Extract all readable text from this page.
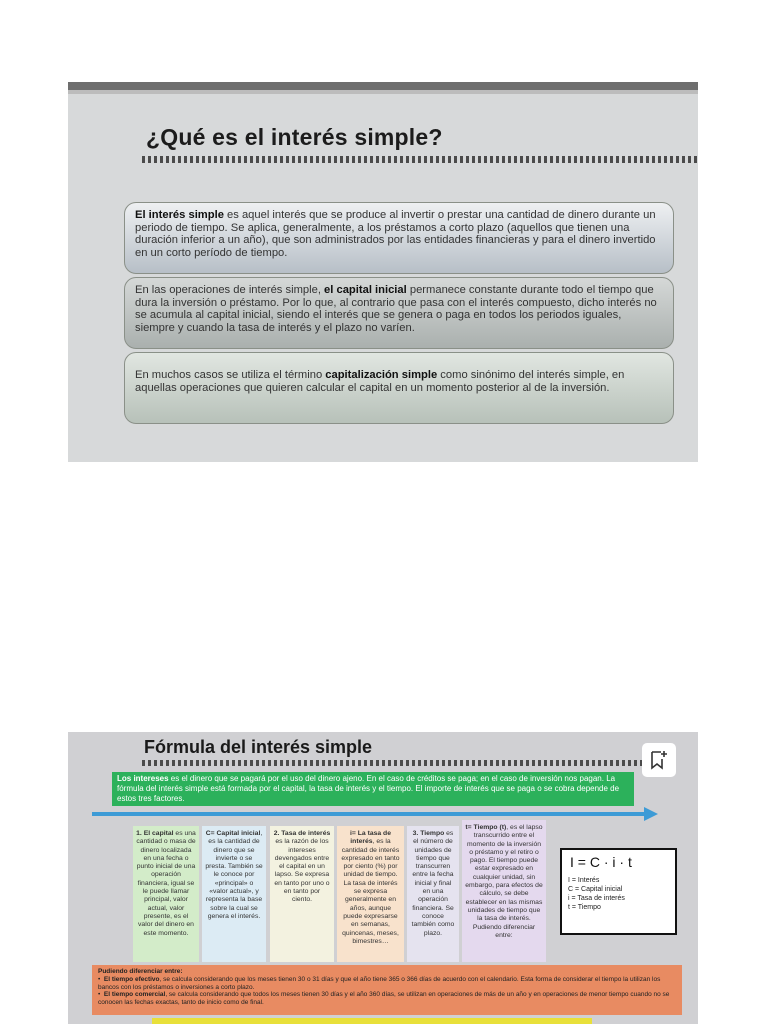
¿Qué es el interés simple?
El interés simple es aquel interés que se produce al invertir o prestar una cantidad de dinero durante un periodo de tiempo. Se aplica, generalmente, a los préstamos a corto plazo (aquellos que tienen una duración inferior a un año), que son administrados por las entidades financieras y para el dinero invertido en un corto período de tiempo.
En las operaciones de interés simple, el capital inicial permanece constante durante todo el tiempo que dura la inversión o préstamo. Por lo que, al contrario que pasa con el interés compuesto, dicho interés no se acumula al capital inicial, siendo el interés que se genera o paga en todos los periodos iguales, siempre y cuando la tasa de interés y el plazo no varíen.
En muchos casos se utiliza el término capitalización simple como sinónimo del interés simple, en aquellas operaciones que quieren calcular el capital en un momento posterior al de la inversión.
Fórmula del interés simple
Los intereses es el dinero que se pagará por el uso del dinero ajeno. En el caso de créditos se paga; en el caso de inversión nos pagan. La fórmula del interés simple está formada por el capital, la tasa de interés y el tiempo. El importe de interés que se paga o se cobra depende de estos tres factores.
1. El capital es una cantidad o masa de dinero localizada en una fecha o punto inicial de una operación financiera, igual se le puede llamar principal, valor actual, valor presente, es el valor del dinero en este momento.
C= Capital inicial, es la cantidad de dinero que se invierte o se presta. También se le conoce por «principal» o «valor actual», y representa la base sobre la cual se genera el interés.
2. Tasa de interés es la razón de los intereses devengados entre el capital en un lapso. Se expresa en tanto por uno o en tanto por ciento.
i= La tasa de interés, es la cantidad de interés expresado en tanto por ciento (%) por unidad de tiempo. La tasa de interés se expresa generalmente en años, aunque puede expresarse en semanas, quincenas, meses, bimestres…
3. Tiempo es el número de unidades de tiempo que transcurren entre la fecha inicial y final en una operación financiera. Se conoce también como plazo.
t= Tiempo (t), es el lapso transcurrido entre el momento de la inversión o préstamo y el retiro o pago. El tiempo puede estar expresado en cualquier unidad, sin embargo, para efectos de cálculo, se debe establecer en las mismas unidades de tiempo que la tasa de interés. Pudiendo diferenciar entre:
I = C · i · t
I = Interés
C = Capital inicial
i = Tasa de interés
t = Tiempo
Pudiendo diferenciar entre:
•  El tiempo efectivo, se calcula considerando que los meses tienen 30 o 31 días y que el año tiene 365 o 366 días de acuerdo con el calendario. Esta forma de considerar el tiempo la utilizan los bancos con los préstamos o inversiones a corto plazo.
•  El tiempo comercial, se calcula considerando que todos los meses tienen 30 días y el año 360 días, se utilizan en operaciones de más de un año y en operaciones de menor tiempo cuando no se conocen las fechas exactas, tanto de inicio como de final.
